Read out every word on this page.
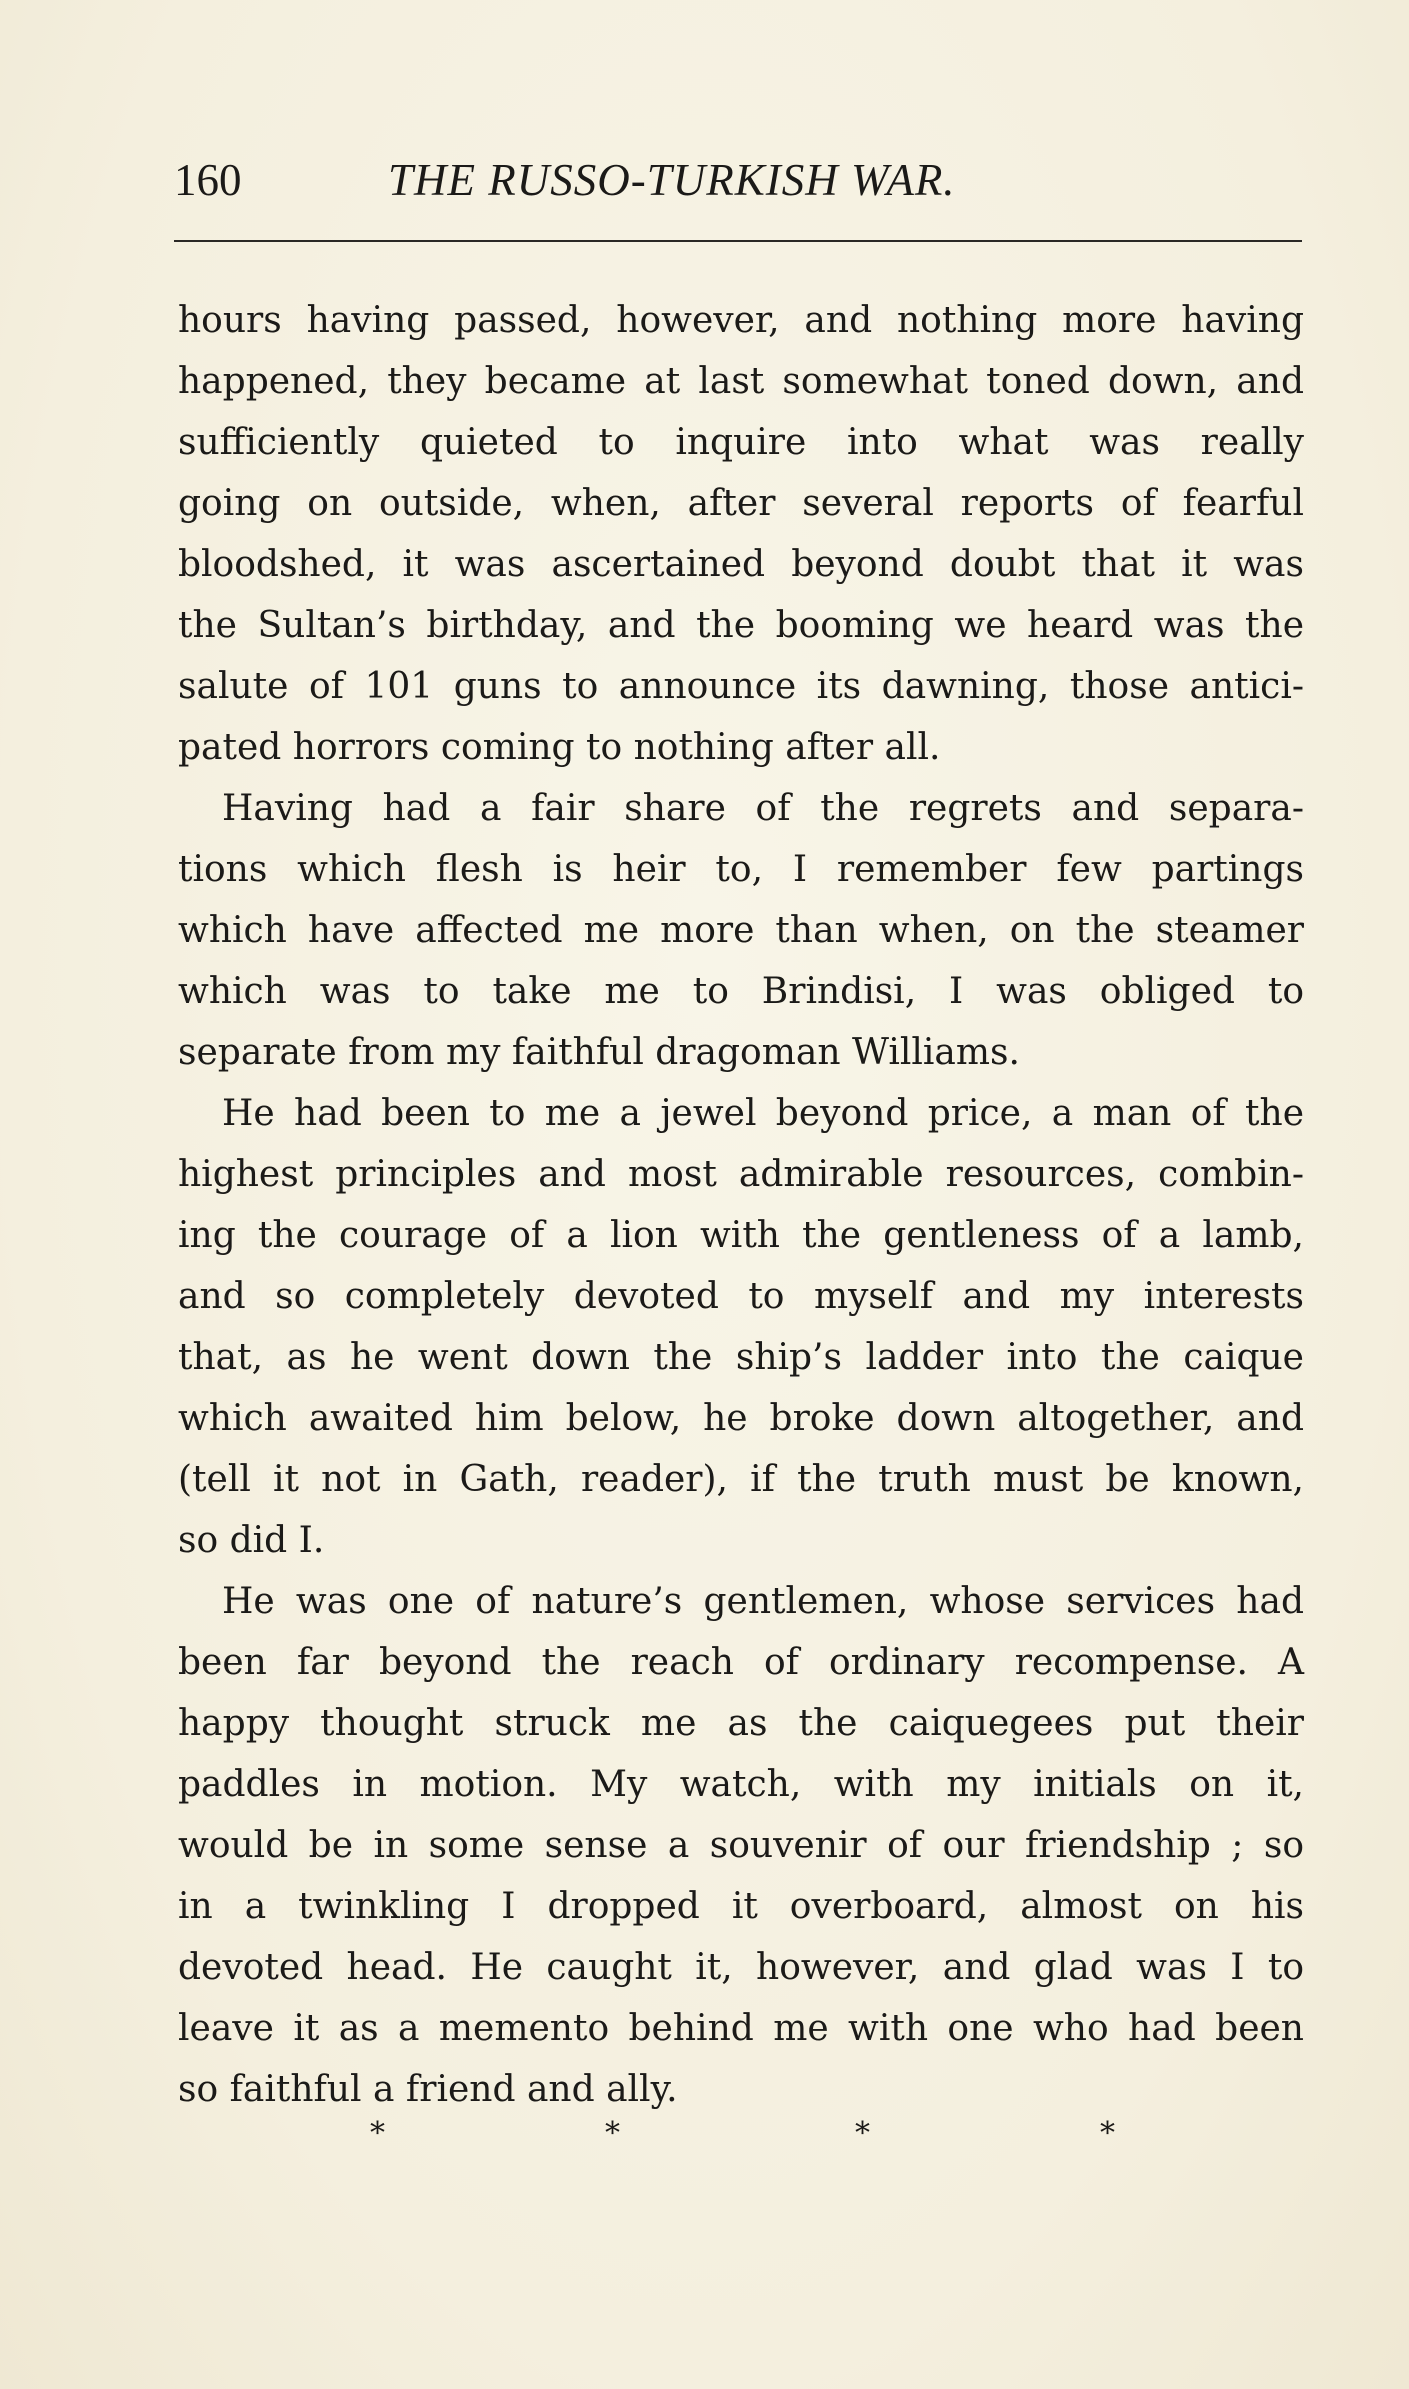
160	THE RUSSO-TURKISH WAR.
hours having passed, however, and nothing more having
happened, they became at last somewhat toned down, and
sufficiently quieted to inquire into what was really
going on outside, when, after several reports of fearful
bloodshed, it was ascertained beyond doubt that it was
the Sultan’s birthday, and the booming we heard was the
salute of 101 guns to announce its dawning, those antici-
pated horrors coming to nothing after all.
Having had a fair share of the regrets and separa-
tions which flesh is heir to, I remember few partings
which have affected me more than when, on the steamer
which was to take me to Brindisi, I was obliged to
separate from my faithful dragoman Williams.
He had been to me a jewel beyond price, a man of the
highest principles and most admirable resources, combin-
ing the courage of a lion with the gentleness of a lamb,
and so completely devoted to myself and my interests
that, as he went down the ship’s ladder into the caique
which awaited him below, he broke down altogether, and
(tell it not in Gath, reader), if the truth must be known,
so did I.
He was one of nature’s gentlemen, whose services had
been far beyond the reach of ordinary recompense. A
happy thought struck me as the caiquegees put their
paddles in motion. My watch, with my initials on it,
would be in some sense a souvenir of our friendship ; so
in a twinkling I dropped it overboard, almost on his
devoted head. He caught it, however, and glad was I to
leave it as a memento behind me with one who had been
so faithful a friend and ally.
*	*	*	*
